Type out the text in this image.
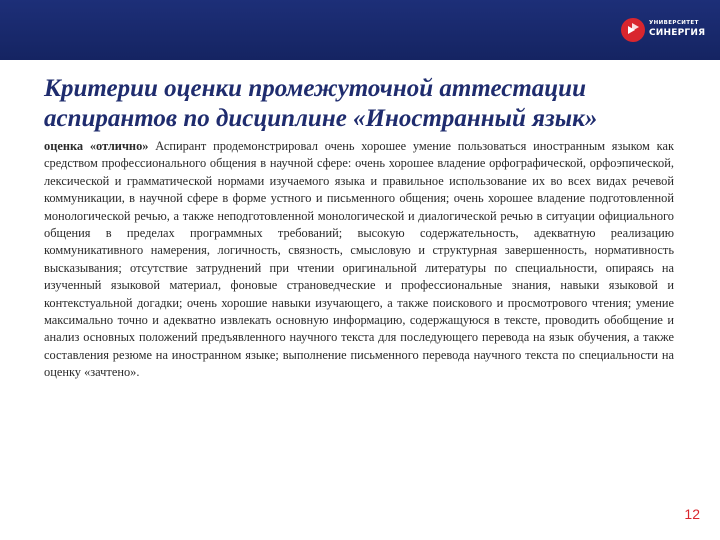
УНИВЕРСИТЕТ
СИНЕРГИЯ
Критерии оценки промежуточной аттестации аспирантов по дисциплине «Иностранный язык»

оценка «отлично» Аспирант продемонстрировал очень хорошее умение пользоваться иностранным языком как средством профессионального общения в научной сфере: очень хорошее владение орфографической, орфоэпической, лексической и грамматической нормами изучаемого языка и правильное использование их во всех видах речевой коммуникации, в научной сфере в форме устного и письменного общения; очень хорошее владение подготовленной монологической речью, а также неподготовленной монологической и диалогической речью в ситуации официального общения в пределах программных требований; высокую содержательность, адекватную реализацию коммуникативного намерения, логичность, связность, смысловую и структурная завершенность, нормативность высказывания; отсутствие затруднений при чтении оригинальной литературы по специальности, опираясь на изученный языковой материал, фоновые страноведческие и профессиональные знания, навыки языковой и контекстуальной догадки; очень хорошие навыки изучающего, а также поискового и просмотрового чтения; умение максимально точно и адекватно извлекать основную информацию, содержащуюся в тексте, проводить обобщение и анализ основных положений предъявленного научного текста для последующего перевода на язык обучения, а также составления резюме на иностранном языке; выполнение письменного перевода научного текста по специальности на оценку «зачтено».

12
